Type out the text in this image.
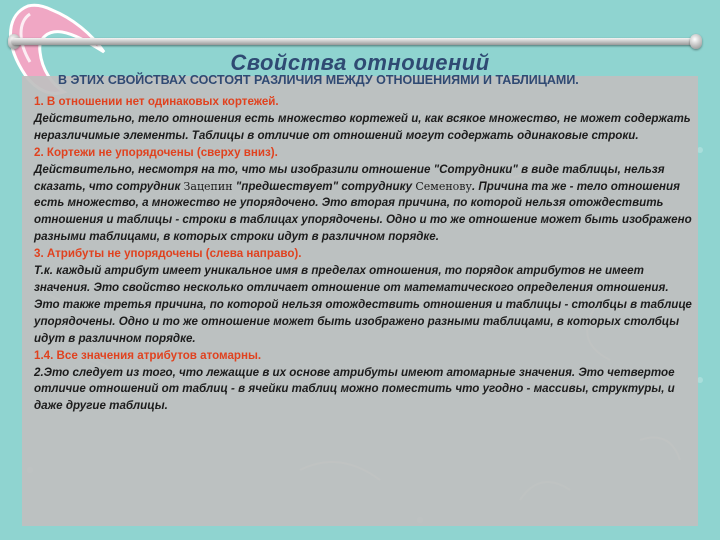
Свойства отношений
В ЭТИХ СВОЙСТВАХ СОСТОЯТ РАЗЛИЧИЯ МЕЖДУ ОТНОШЕНИЯМИ И ТАБЛИЦАМИ.

1. В отношении нет одинаковых кортежей.

Действительно, тело отношения есть множество кортежей и, как всякое множество, не может содержать неразличимые элементы. Таблицы в отличие от отношений могут содержать одинаковые строки.

2. Кортежи не упорядочены (сверху вниз).

Действительно, несмотря на то, что мы изобразили отношение "Сотрудники" в виде таблицы, нельзя сказать, что сотрудник Зацепин "предшествует" сотруднику Семенову. Причина та же - тело отношения есть множество, а множество не упорядочено. Это вторая причина, по которой нельзя отождествить отношения и таблицы - строки в таблицах упорядочены. Одно и то же отношение может быть изображено разными таблицами, в которых строки идут в различном порядке.

3. Атрибуты не упорядочены (слева направо).

Т.к. каждый атрибут имеет уникальное имя в пределах отношения, то порядок атрибутов не имеет значения. Это свойство несколько отличает отношение от математического определения отношения. Это также третья причина, по которой нельзя отождествить отношения и таблицы - столбцы в таблице упорядочены. Одно и то же отношение может быть изображено разными таблицами, в которых столбцы идут в различном порядке.

1.4. Все значения атрибутов атомарны.

2.Это следует из того, что лежащие в их основе атрибуты имеют атомарные значения. Это четвертое отличие отношений от таблиц - в ячейки таблиц можно поместить что угодно - массивы, структуры, и даже другие таблицы.
